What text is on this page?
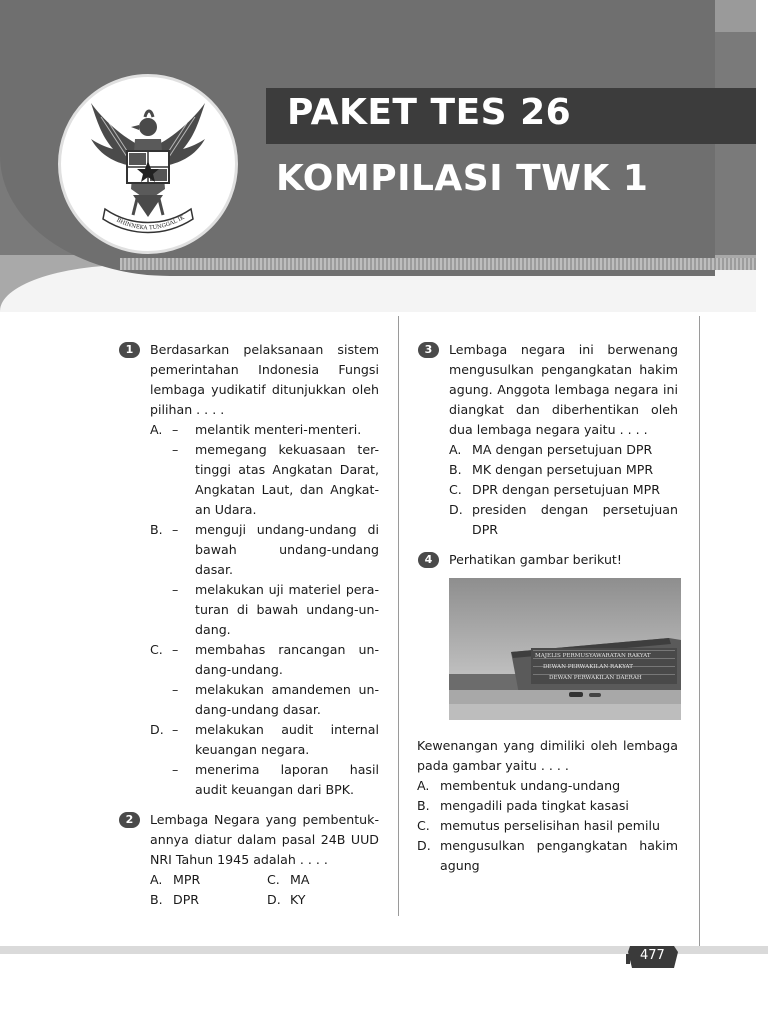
PAKET TES 26
KOMPILASI TWK 1
BHINNEKA TUNGGAL IK
1	Berdasarkan pelaksanaan sistem pemerintahan Indonesia Fungsi lembaga yudikatif ditunjukkan oleh pilihan . . . .
A. – melantik menteri-menteri.
– memegang kekuasaan ter-tinggi atas Angkatan Darat, Angkatan Laut, dan Angkat-an Udara.
B. – menguji undang-undang di bawah undang-undang dasar.
– melakukan uji materiel pera-turan di bawah undang-un-dang.
C. – membahas rancangan un-dang-undang.
– melakukan amandemen un-dang-undang dasar.
D. – melakukan audit internal keuangan negara.
– menerima laporan hasil audit keuangan dari BPK.
2	Lembaga Negara yang pembentuk-annya diatur dalam pasal 24B UUD NRI Tahun 1945 adalah . . . .
A. MPR	C. MA
B. DPR	D. KY
3	Lembaga negara ini berwenang mengusulkan pengangkatan hakim agung. Anggota lembaga negara ini diangkat dan diberhentikan oleh dua lembaga negara yaitu . . . .
A. MA dengan persetujuan DPR
B. MK dengan persetujuan MPR
C. DPR dengan persetujuan MPR
D. presiden dengan persetujuan DPR
4	Perhatikan gambar berikut!
MAJELIS PERMUSYAWARATAN RAKYAT
DEWAN PERWAKILAN RAKYAT
DEWAN PERWAKILAN DAERAH
Kewenangan yang dimiliki oleh lembaga pada gambar yaitu . . . .
A. membentuk undang-undang
B. mengadili pada tingkat kasasi
C. memutus perselisihan hasil pemilu
D. mengusulkan pengangkatan hakim agung
477
